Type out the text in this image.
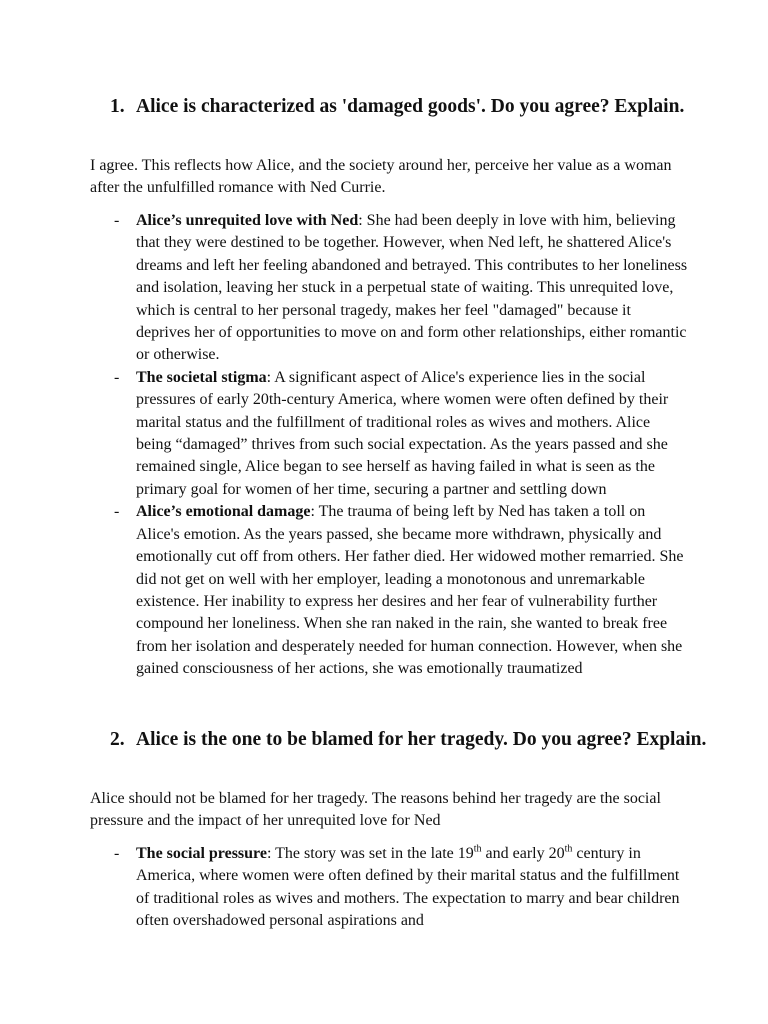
1. Alice is characterized as 'damaged goods'. Do you agree? Explain.
I agree. This reflects how Alice, and the society around her, perceive her value as a woman after the unfulfilled romance with Ned Currie.
- Alice’s unrequited love with Ned: She had been deeply in love with him, believing that they were destined to be together. However, when Ned left, he shattered Alice's dreams and left her feeling abandoned and betrayed. This contributes to her loneliness and isolation, leaving her stuck in a perpetual state of waiting. This unrequited love, which is central to her personal tragedy, makes her feel "damaged" because it deprives her of opportunities to move on and form other relationships, either romantic or otherwise.
- The societal stigma: A significant aspect of Alice's experience lies in the social pressures of early 20th-century America, where women were often defined by their marital status and the fulfillment of traditional roles as wives and mothers. Alice being “damaged” thrives from such social expectation. As the years passed and she remained single, Alice began to see herself as having failed in what is seen as the primary goal for women of her time, securing a partner and settling down
- Alice’s emotional damage: The trauma of being left by Ned has taken a toll on Alice's emotion. As the years passed, she became more withdrawn, physically and emotionally cut off from others. Her father died. Her widowed mother remarried. She did not get on well with her employer, leading a monotonous and unremarkable existence. Her inability to express her desires and her fear of vulnerability further compound her loneliness. When she ran naked in the rain, she wanted to break free from her isolation and desperately needed for human connection. However, when she gained consciousness of her actions, she was emotionally traumatized
2. Alice is the one to be blamed for her tragedy. Do you agree? Explain.
Alice should not be blamed for her tragedy. The reasons behind her tragedy are the social pressure and the impact of her unrequited love for Ned
- The social pressure: The story was set in the late 19th and early 20th century in America, where women were often defined by their marital status and the fulfillment of traditional roles as wives and mothers. The expectation to marry and bear children often overshadowed personal aspirations and
